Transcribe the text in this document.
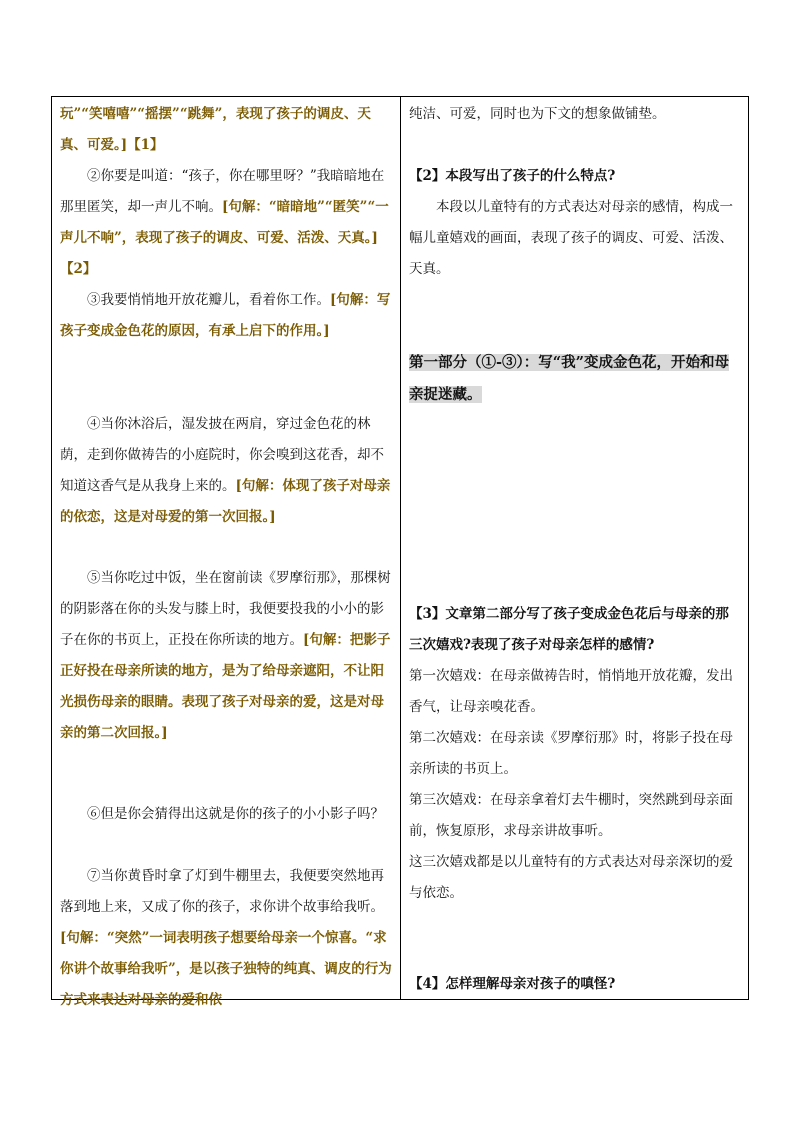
玩”“笑嘻嘻”“摇摆”“跳舞”，表现了孩子的调皮、天真、可爱。]【1】
②你要是叫道：“孩子，你在哪里呀？”我暗暗地在那里匿笑，却一声儿不响。[句解：“暗暗地”“匿笑”“一声儿不响”，表现了孩子的调皮、可爱、活泼、天真。]【2】
③我要悄悄地开放花瓣儿，看着你工作。[句解：写孩子变成金色花的原因，有承上启下的作用。]
④当你沐浴后，湿发披在两肩，穿过金色花的林荫，走到你做祷告的小庭院时，你会嗅到这花香，却不知道这香气是从我身上来的。[句解：体现了孩子对母亲的依恋，这是对母爱的第一次回报。]
⑤当你吃过中饭，坐在窗前读《罗摩衍那》，那棵树的阴影落在你的头发与膝上时，我便要投我的小小的影子在你的书页上，正投在你所读的地方。[句解：把影子正好投在母亲所读的地方，是为了给母亲遮阳，不让阳光损伤母亲的眼睛。表现了孩子对母亲的爱，这是对母亲的第二次回报。]
⑥但是你会猜得出这就是你的孩子的小小影子吗？
⑦当你黄昏时拿了灯到牛棚里去，我便要突然地再落到地上来，又成了你的孩子，求你讲个故事给我听。[句解：“突然”一词表明孩子想要给母亲一个惊喜。“求你讲个故事给我听”，是以孩子独特的纯真、调皮的行为方式来表达对母亲的爱和依
纯洁、可爱，同时也为下文的想象做铺垫。

【2】本段写出了孩子的什么特点?

本段以儿童特有的方式表达对母亲的感情，构成一幅儿童嬉戏的画面，表现了孩子的调皮、可爱、活泼、天真。

第一部分（①-③）：写“我”变成金色花，开始和母亲捉迷藏。

【3】文章第二部分写了孩子变成金色花后与母亲的那三次嬉戏?表现了孩子对母亲怎样的感情?

第一次嬉戏：在母亲做祷告时，悄悄地开放花瓣，发出香气，让母亲嗅花香。

第二次嬉戏：在母亲读《罗摩衍那》时，将影子投在母亲所读的书页上。

第三次嬉戏：在母亲拿着灯去牛棚时，突然跳到母亲面前，恢复原形，求母亲讲故事听。

这三次嬉戏都是以儿童特有的方式表达对母亲深切的爱与依恋。

【4】怎样理解母亲对孩子的嗔怪?
